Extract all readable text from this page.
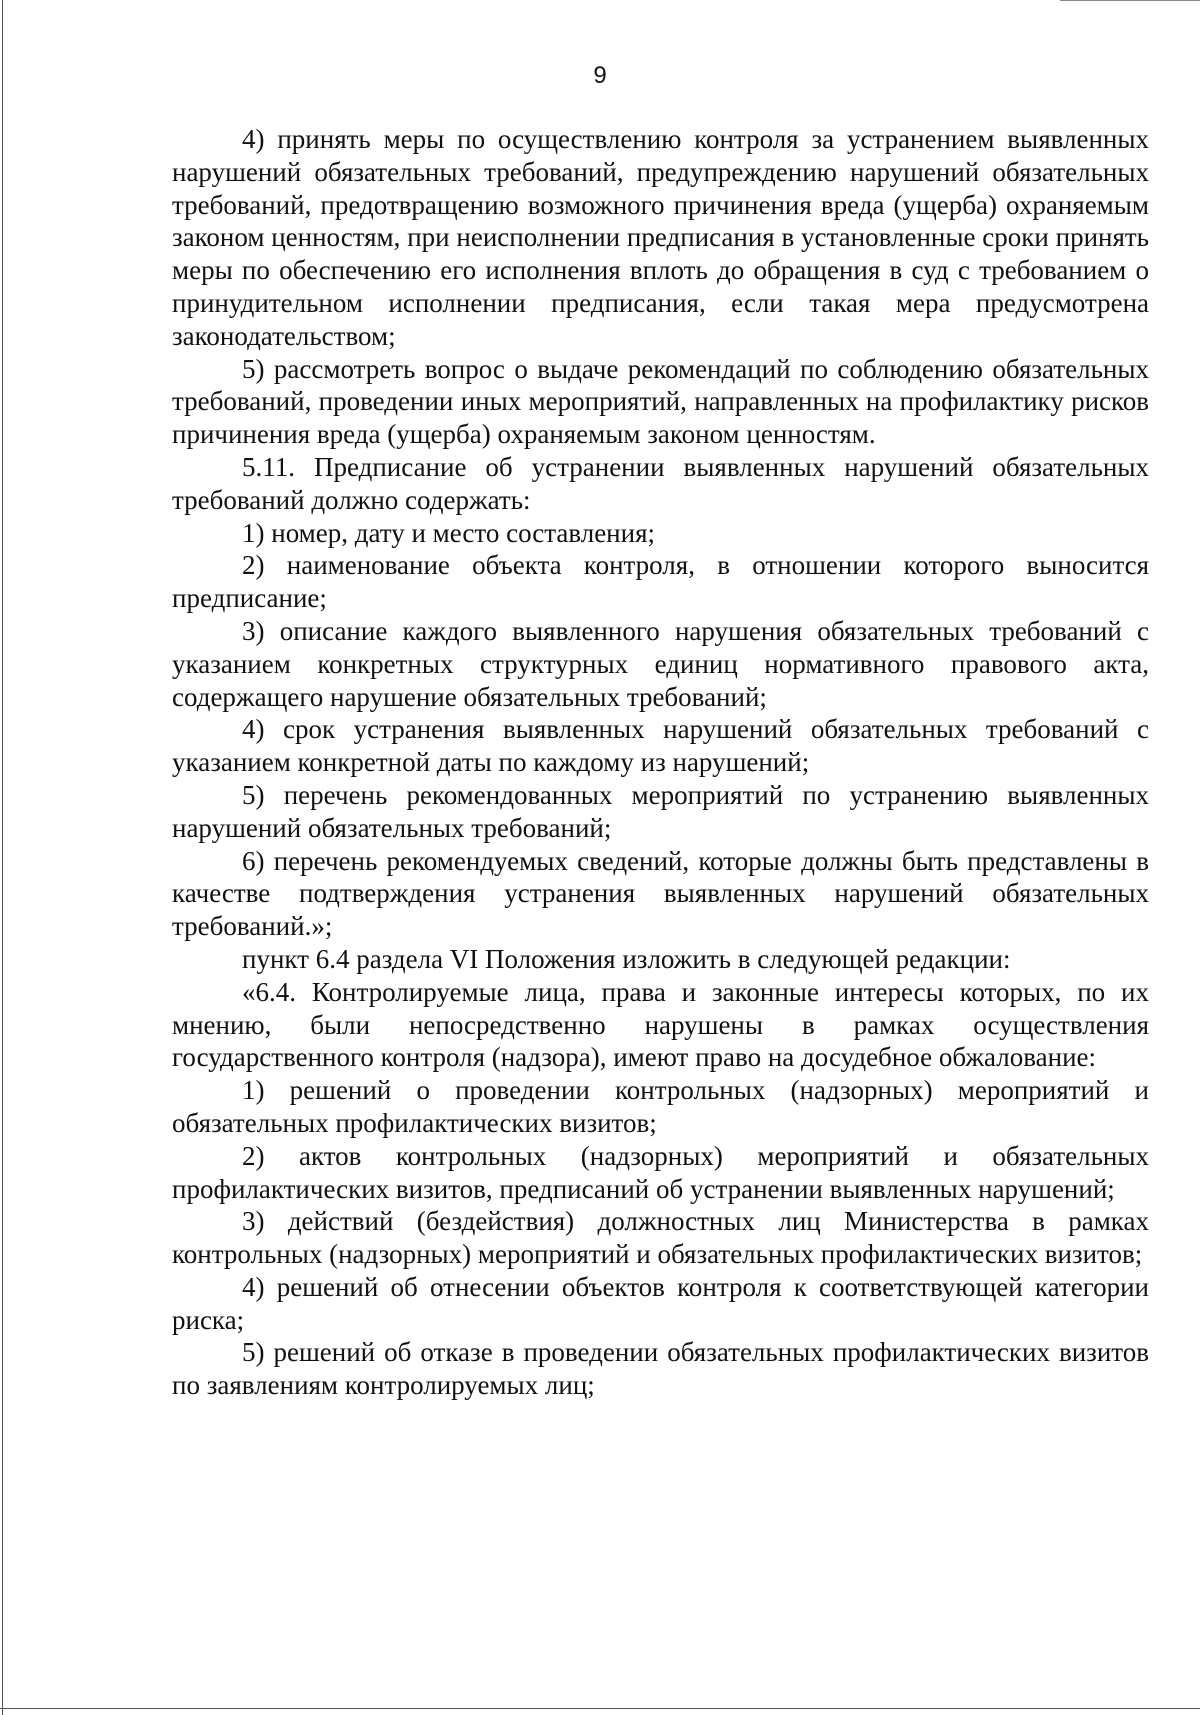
9

4) принять меры по осуществлению контроля за устранением выявленных нарушений обязательных требований, предупреждению нарушений обязательных требований, предотвращению возможного причинения вреда (ущерба) охраняемым законом ценностям, при неисполнении предписания в установленные сроки принять меры по обеспечению его исполнения вплоть до обращения в суд с требованием о принудительном исполнении предписания, если такая мера предусмотрена законодательством;

5) рассмотреть вопрос о выдаче рекомендаций по соблюдению обязательных требований, проведении иных мероприятий, направленных на профилактику рисков причинения вреда (ущерба) охраняемым законом ценностям.

5.11. Предписание об устранении выявленных нарушений обязательных требований должно содержать:

1) номер, дату и место составления;

2) наименование объекта контроля, в отношении которого выносится предписание;

3) описание каждого выявленного нарушения обязательных требований с указанием конкретных структурных единиц нормативного правового акта, содержащего нарушение обязательных требований;

4) срок устранения выявленных нарушений обязательных требований с указанием конкретной даты по каждому из нарушений;

5) перечень рекомендованных мероприятий по устранению выявленных нарушений обязательных требований;

6) перечень рекомендуемых сведений, которые должны быть представлены в качестве подтверждения устранения выявленных нарушений обязательных требований.»;

пункт 6.4 раздела VI Положения изложить в следующей редакции:

«6.4. Контролируемые лица, права и законные интересы которых, по их мнению, были непосредственно нарушены в рамках осуществления государственного контроля (надзора), имеют право на досудебное обжалование:

1) решений о проведении контрольных (надзорных) мероприятий и обязательных профилактических визитов;

2) актов контрольных (надзорных) мероприятий и обязательных профилактических визитов, предписаний об устранении выявленных нарушений;

3) действий (бездействия) должностных лиц Министерства в рамках контрольных (надзорных) мероприятий и обязательных профилактических визитов;

4) решений об отнесении объектов контроля к соответствующей категории риска;

5) решений об отказе в проведении обязательных профилактических визитов по заявлениям контролируемых лиц;
